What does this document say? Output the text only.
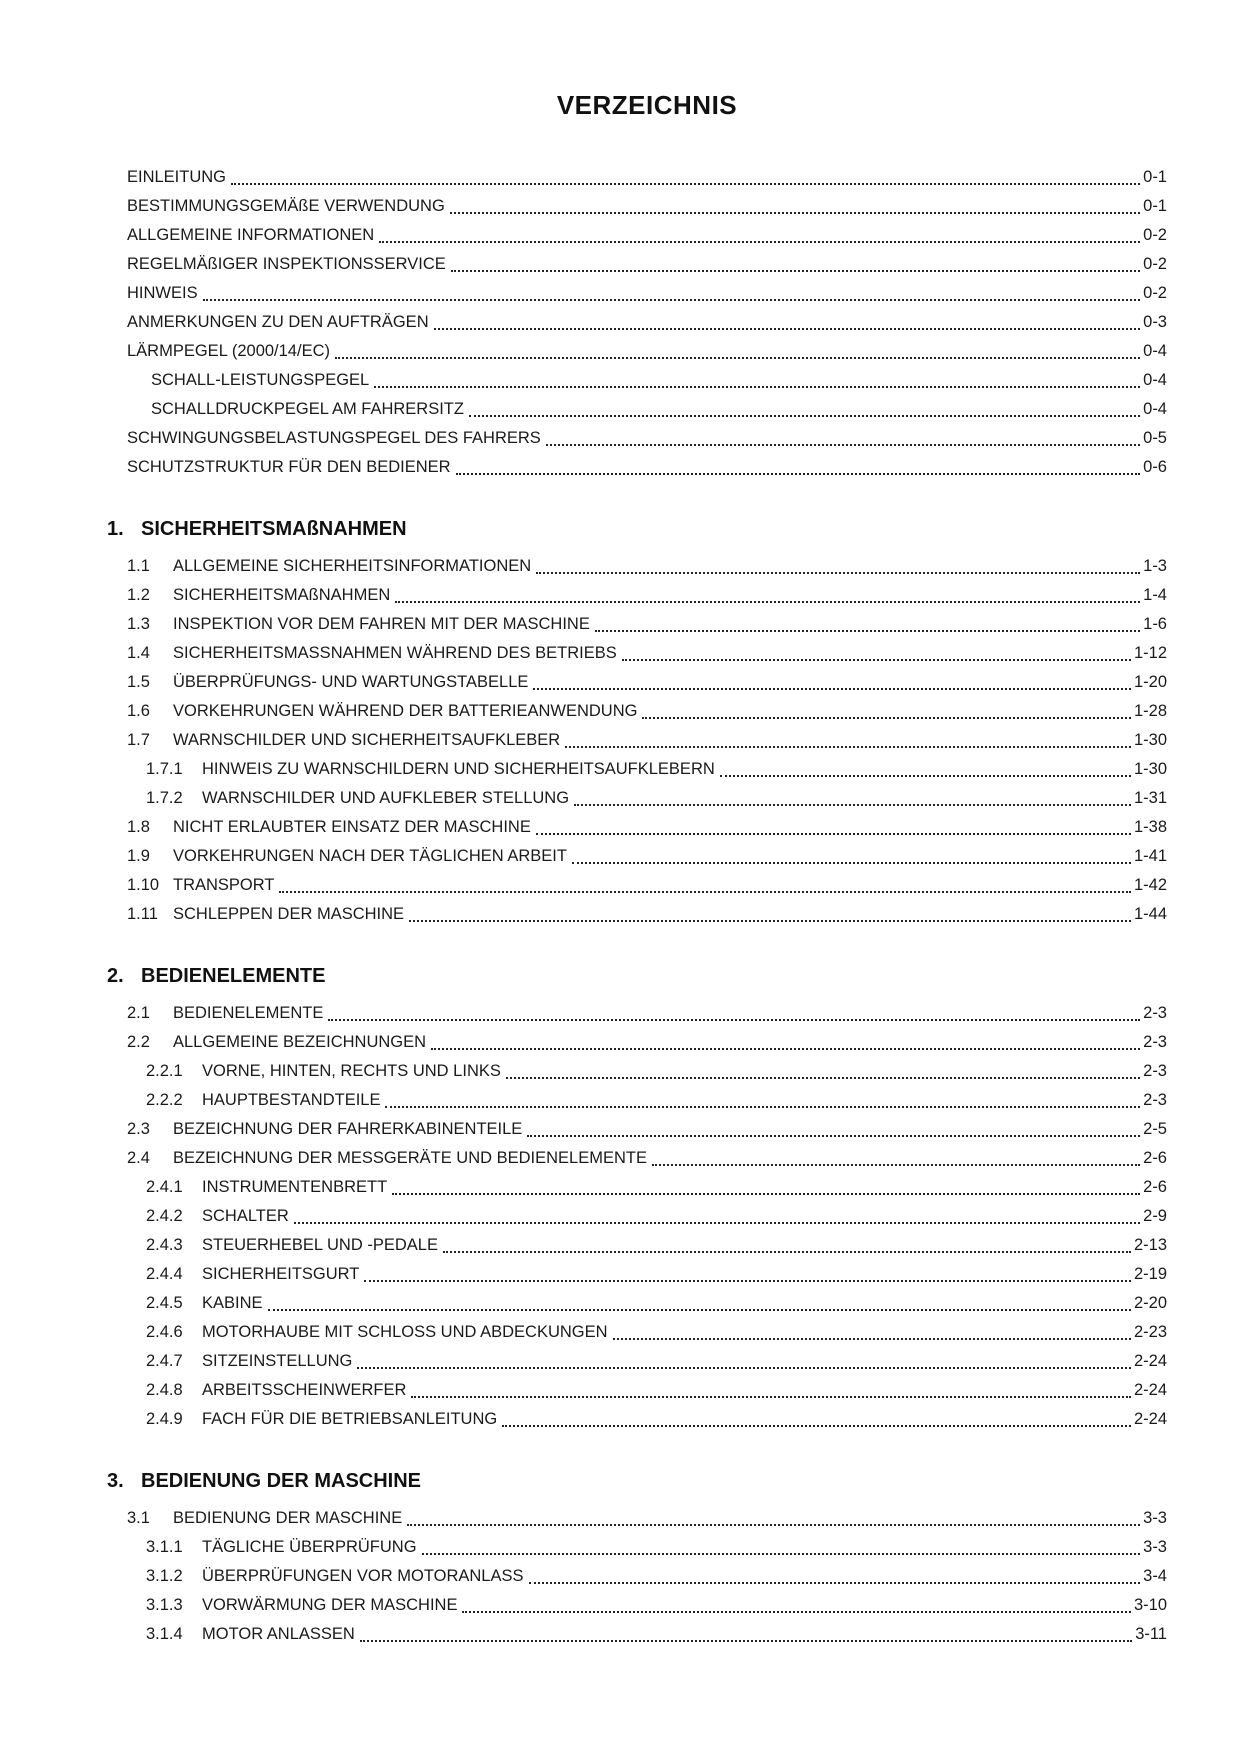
VERZEICHNIS
EINLEITUNG	0-1
BESTIMMUNGSGEMÄßE VERWENDUNG	0-1
ALLGEMEINE INFORMATIONEN	0-2
REGELMÄßIGER INSPEKTIONSSERVICE	0-2
HINWEIS	0-2
ANMERKUNGEN ZU DEN AUFTRÄGEN	0-3
LÄRMPEGEL (2000/14/EC)	0-4
SCHALL-LEISTUNGSPEGEL	0-4
SCHALLDRUCKPEGEL AM FAHRERSITZ	0-4
SCHWINGUNGSBELASTUNGSPEGEL DES FAHRERS	0-5
SCHUTZSTRUKTUR FÜR DEN BEDIENER	0-6
1. SICHERHEITSMAßNAHMEN
1.1	ALLGEMEINE SICHERHEITSINFORMATIONEN	1-3
1.2	SICHERHEITSMAßNAHMEN	1-4
1.3	INSPEKTION VOR DEM FAHREN MIT DER MASCHINE	1-6
1.4	SICHERHEITSMASSNAHMEN WÄHREND DES BETRIEBS	1-12
1.5	ÜBERPRÜFUNGS- UND WARTUNGSTABELLE	1-20
1.6	VORKEHRUNGEN WÄHREND DER BATTERIEANWENDUNG	1-28
1.7	WARNSCHILDER UND SICHERHEITSAUFKLEBER	1-30
1.7.1	HINWEIS ZU WARNSCHILDERN UND SICHERHEITSAUFKLEBERN	1-30
1.7.2	WARNSCHILDER UND AUFKLEBER STELLUNG	1-31
1.8	NICHT ERLAUBTER EINSATZ DER MASCHINE	1-38
1.9	VORKEHRUNGEN NACH DER TÄGLICHEN ARBEIT	1-41
1.10 TRANSPORT	1-42
1.11 SCHLEPPEN DER MASCHINE	1-44
2. BEDIENELEMENTE
2.1	BEDIENELEMENTE	2-3
2.2	ALLGEMEINE BEZEICHNUNGEN	2-3
2.2.1	VORNE, HINTEN, RECHTS UND LINKS	2-3
2.2.2	HAUPTBESTANDTEILE	2-3
2.3	BEZEICHNUNG DER FAHRERKABINENTEILE	2-5
2.4	BEZEICHNUNG DER MESSGERÄTE UND BEDIENELEMENTE	2-6
2.4.1	INSTRUMENTENBRETT	2-6
2.4.2	SCHALTER	2-9
2.4.3	STEUERHEBEL UND -PEDALE	2-13
2.4.4	SICHERHEITSGURT	2-19
2.4.5	KABINE	2-20
2.4.6	MOTORHAUBE MIT SCHLOSS UND ABDECKUNGEN	2-23
2.4.7	SITZEINSTELLUNG	2-24
2.4.8	ARBEITSSCHEINWERFER	2-24
2.4.9	FACH FÜR DIE BETRIEBSANLEITUNG	2-24
3. BEDIENUNG DER MASCHINE
3.1	BEDIENUNG DER MASCHINE	3-3
3.1.1	TÄGLICHE ÜBERPRÜFUNG	3-3
3.1.2	ÜBERPRÜFUNGEN VOR MOTORANLASS	3-4
3.1.3	VORWÄRMUNG DER MASCHINE	3-10
3.1.4	MOTOR ANLASSEN	3-11
